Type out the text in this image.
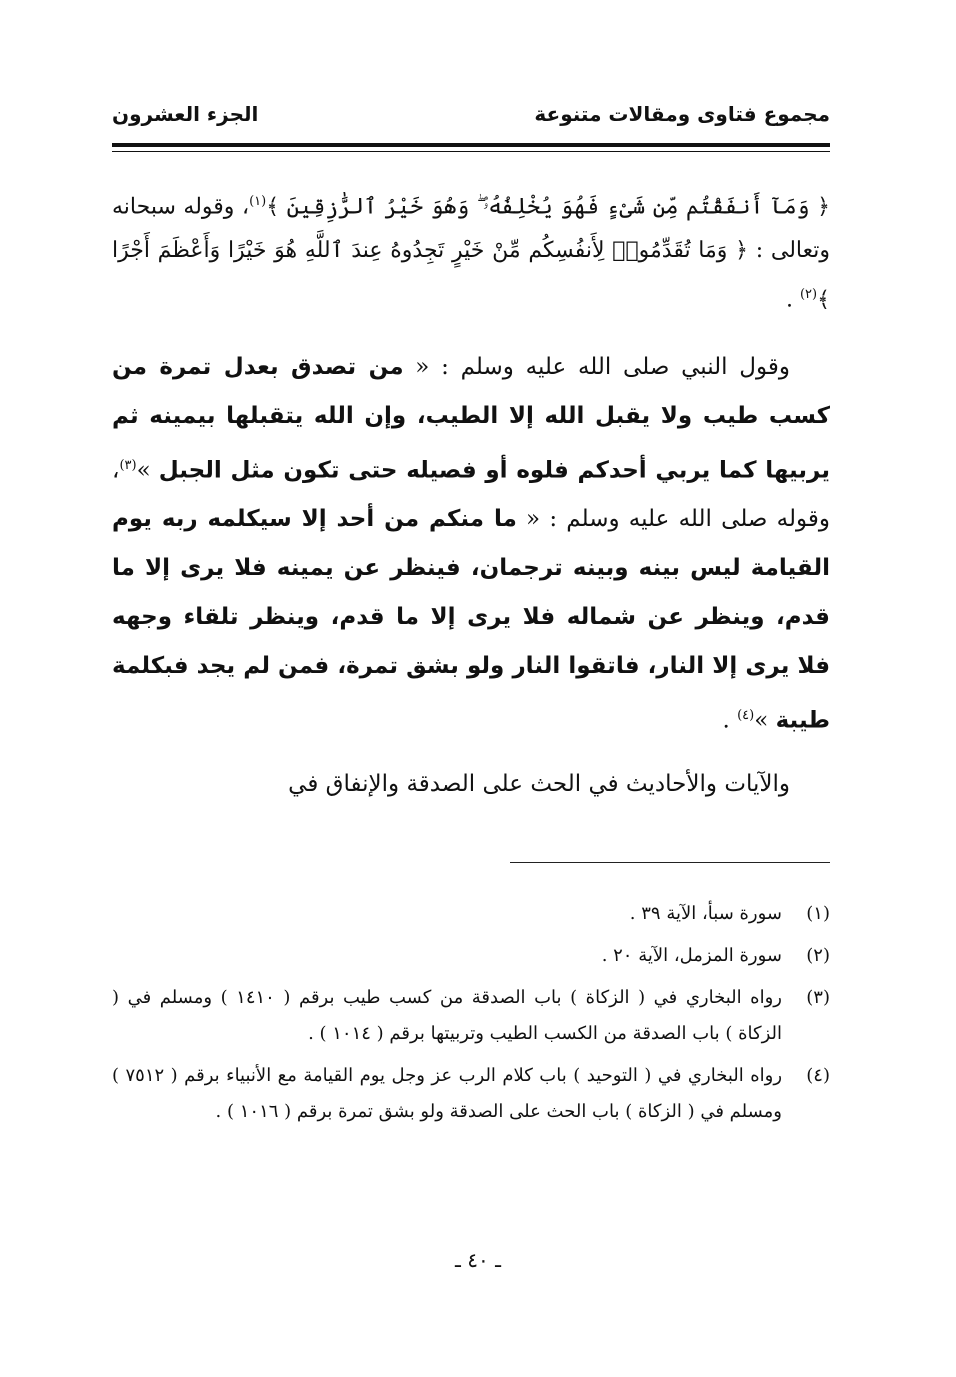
مجموع فتاوى ومقالات متنوعة
الجزء العشرون

﴿ وَمَآ أَنفَقْتُم مِّن شَىْءٍ فَهُوَ يُخْلِفُهُۥ ۖ وَهُوَ خَيْرُ ٱلرَّٰزِقِينَ ﴾$^{(١)}$، وقوله سبحانه وتعالى : ﴿ وَمَا تُقَدِّمُوا۟ لِأَنفُسِكُم مِّنْ خَيْرٍ تَجِدُوهُ عِندَ ٱللَّهِ هُوَ خَيْرًا وَأَعْظَمَ أَجْرًا ﴾$^{(٢)}$ .

وقول النبي صلى الله عليه وسلم : « من تصدق بعدل تمرة من كسب طيب ولا يقبل الله إلا الطيب، وإن الله يتقبلها بيمينه ثم يربيها كما يربي أحدكم فلوه أو فصيله حتى تكون مثل الجبل »$^{(٣)}$، وقوله صلى الله عليه وسلم : « ما منكم من أحد إلا سيكلمه ربه يوم القيامة ليس بينه وبينه ترجمان، فينظر عن يمينه فلا يرى إلا ما قدم، وينظر عن شماله فلا يرى إلا ما قدم، وينظر تلقاء وجهه فلا يرى إلا النار، فاتقوا النار ولو بشق تمرة، فمن لم يجد فبكلمة طيبة »$^{(٤)}$ .

والآيات والأحاديث في الحث على الصدقة والإنفاق في

(١)
سورة سبأ، الآية ٣٩ .
(٢)
سورة المزمل، الآية ٢٠ .
(٣)
رواه البخاري في ( الزكاة ) باب الصدقة من كسب طيب برقم ( ١٤١٠ ) ومسلم في ( الزكاة ) باب الصدقة من الكسب الطيب وتربيتها برقم ( ١٠١٤ ) .
(٤)
رواه البخاري في ( التوحيد ) باب كلام الرب عز وجل يوم القيامة مع الأنبياء برقم ( ٧٥١٢ ) ومسلم في ( الزكاة ) باب الحث على الصدقة ولو بشق تمرة برقم ( ١٠١٦ ) .
ـ ٤٠ ـ
